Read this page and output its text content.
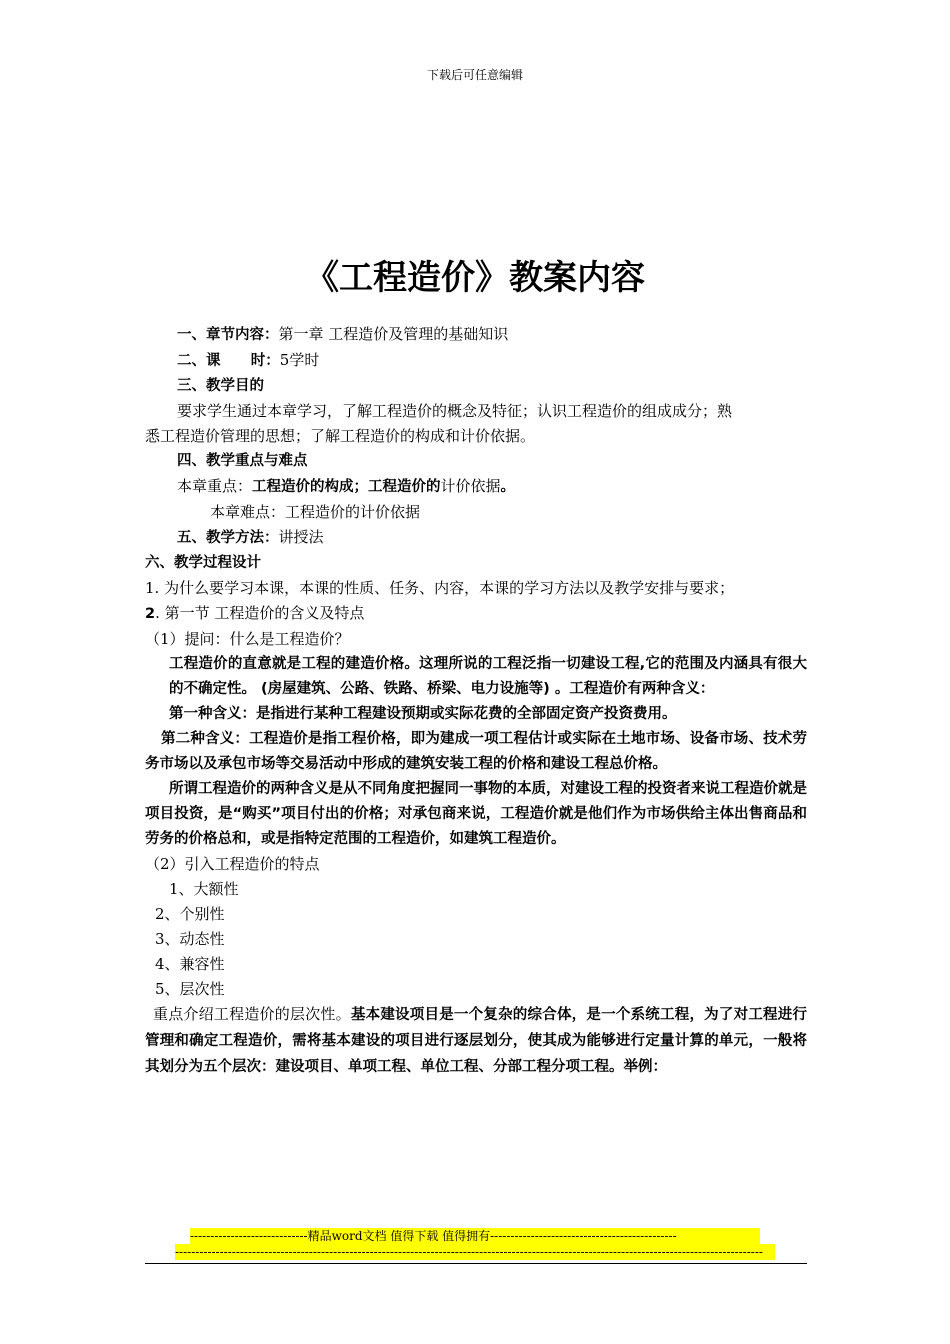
下载后可任意编辑
《工程造价》教案内容
一、章节内容：第一章 工程造价及管理的基础知识
二、课      时：5学时
三、教学目的
要求学生通过本章学习，了解工程造价的概念及特征；认识工程造价的组成成分；熟
悉工程造价管理的思想；了解工程造价的构成和计价依据。
四、教学重点与难点
本章重点：工程造价的构成；工程造价的计价依据。
本章难点：工程造价的计价依据
五、教学方法：讲授法
六、教学过程设计
1. 为什么要学习本课，本课的性质、任务、内容，本课的学习方法以及教学安排与要求；
2. 第一节 工程造价的含义及特点
（1）提问：什么是工程造价？
工程造价的直意就是工程的建造价格。这理所说的工程泛指一切建设工程,它的范围及内涵具有很大的不确定性。 (房屋建筑、公路、铁路、桥梁、电力设施等) 。工程造价有两种含义：
第一种含义：是指进行某种工程建设预期或实际花费的全部固定资产投资费用。
第二种含义：工程造价是指工程价格，即为建成一项工程估计或实际在土地市场、设备市场、技术劳务市场以及承包市场等交易活动中形成的建筑安装工程的价格和建设工程总价格。
所谓工程造价的两种含义是从不同角度把握同一事物的本质，对建设工程的投资者来说工程造价就是项目投资，是“购买”项目付出的价格；对承包商来说，工程造价就是他们作为市场供给主体出售商品和劳务的价格总和，或是指特定范围的工程造价，如建筑工程造价。
（2）引入工程造价的特点
1、大额性
2、个别性
3、动态性
4、兼容性
5、层次性
重点介绍工程造价的层次性。基本建设项目是一个复杂的综合体，是一个系统工程，为了对工程进行管理和确定工程造价，需将基本建设的项目进行逐层划分，使其成为能够进行定量计算的单元，一般将其划分为五个层次：建设项目、单项工程、单位工程、分部工程分项工程。举例：
-----------------------------精品word文档 值得下载 值得拥有----------------------------------------------
-------------------------------------------------------------------------------------------------------------------------------------------------
